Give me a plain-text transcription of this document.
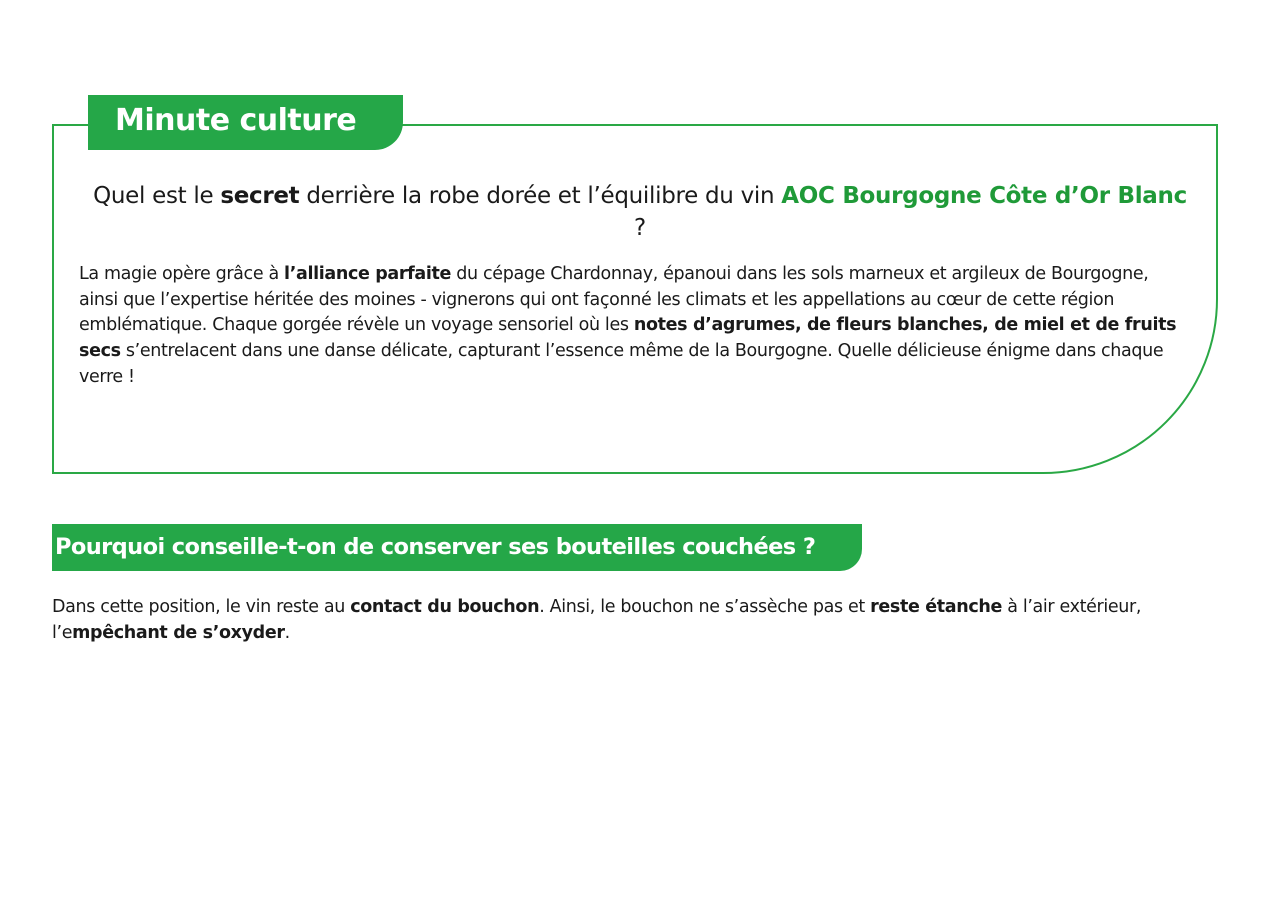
Minute culture
Quel est le secret derrière la robe dorée et l’équilibre du vin AOC Bourgogne Côte d’Or Blanc ?
La magie opère grâce à l’alliance parfaite du cépage Chardonnay, épanoui dans les sols marneux et argileux de Bourgogne, ainsi que l’expertise héritée des moines - vignerons qui ont façonné les climats et les appellations au cœur de cette région emblématique. Chaque gorgée révèle un voyage sensoriel où les notes d’agrumes, de fleurs blanches, de miel et de fruits secs s’entrelacent dans une danse délicate, capturant l’essence même de la Bourgogne. Quelle délicieuse énigme dans chaque verre !
Pourquoi conseille-t-on de conserver ses bouteilles couchées ?
Dans cette position, le vin reste au contact du bouchon. Ainsi, le bouchon ne s’assèche pas et reste étanche à l’air extérieur, l’empêchant de s’oxyder.
